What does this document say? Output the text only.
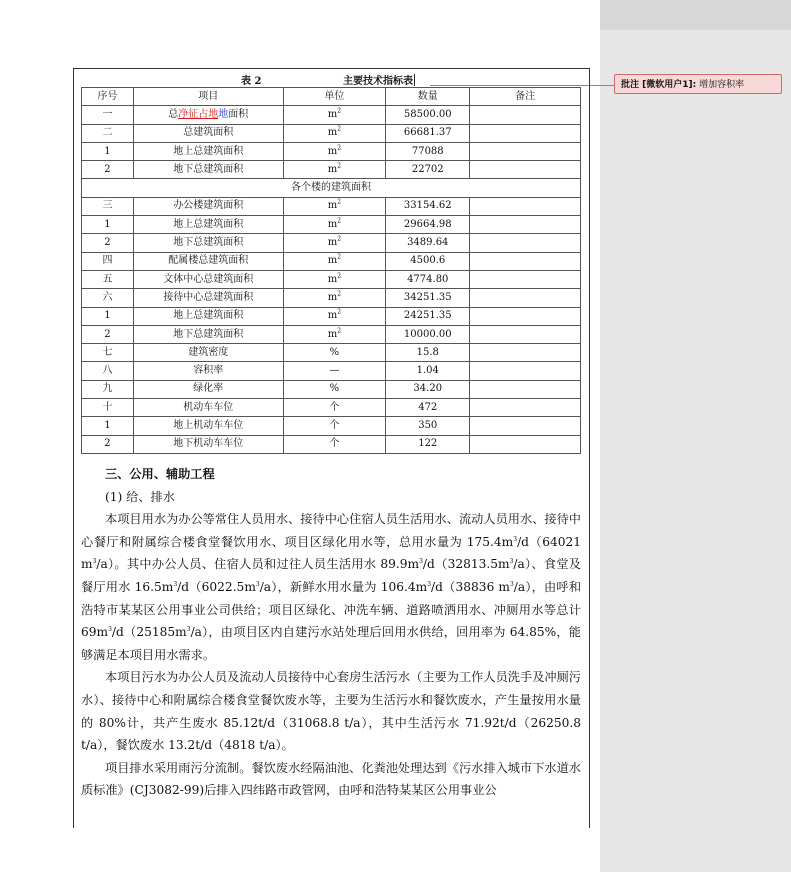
批注 [微软用户1]: 增加容积率
表 2	主要技术指标表
序号	项目	单位	数量	备注
一	总净征占地地面积	$m^2$	58500.00	
二	总建筑面积	$m^2$	66681.37	
1	地上总建筑面积	$m^2$	77088	
2	地下总建筑面积	$m^2$	22702	
各个楼的建筑面积				
三	办公楼建筑面积	$m^2$	33154.62	
1	地上总建筑面积	$m^2$	29664.98	
2	地下总建筑面积	$m^2$	3489.64	
四	配属楼总建筑面积	$m^2$	4500.6	
五	文体中心总建筑面积	$m^2$	4774.80	
六	接待中心总建筑面积	$m^2$	34251.35	
1	地上总建筑面积	$m^2$	24251.35	
2	地下总建筑面积	$m^2$	10000.00	
七	建筑密度	%	15.8	
八	容积率	—	1.04	
九	绿化率	%	34.20	
十	机动车车位	个	472	
1	地上机动车车位	个	350	
2	地下机动车车位	个	122	
三、公用、辅助工程
(1) 给、排水

本项目用水为办公等常住人员用水、接待中心住宿人员生活用水、流动人员用水、接待中心餐厅和附属综合楼食堂餐饮用水、项目区绿化用水等，总用水量为 $175.4m^3/d(64021$ $m^3/a$）。其中办公人员、住宿人员和过往人员生活用水 $89.9m^3/d(32813.5m^3/a)$、食堂及餐厅用水 $16.5m^3/d(6022.5m^3/a)$，新鲜水用水量为 $106.4m^3/d(38836$ $m^3/a$），由呼和浩特市某某区公用事业公司供给；项目区绿化、冲洗车辆、道路喷洒用水、冲厕用水等总计 $69m^3/d(25185m^3/a)$，由项目区内自建污水站处理后回用水供给，回用率为 64.85%，能够满足本项目用水需求。

本项目污水为办公人员及流动人员接待中心套房生活污水（主要为工作人员洗手及冲厕污水）、接待中心和附属综合楼食堂餐饮废水等，主要为生活污水和餐饮废水，产生量按用水量的 80%计，共产生废水 85.12t/d（31068.8 t/a），其中生活污水 71.92t/d（26250.8 t/a），餐饮废水 13.2t/d（4818 t/a）。

项目排水采用雨污分流制。餐饮废水经隔油池、化粪池处理达到《污水排入城市下水道水质标准》(CJ3082-99)后排入四纬路市政管网，由呼和浩特某某区公用事业公
